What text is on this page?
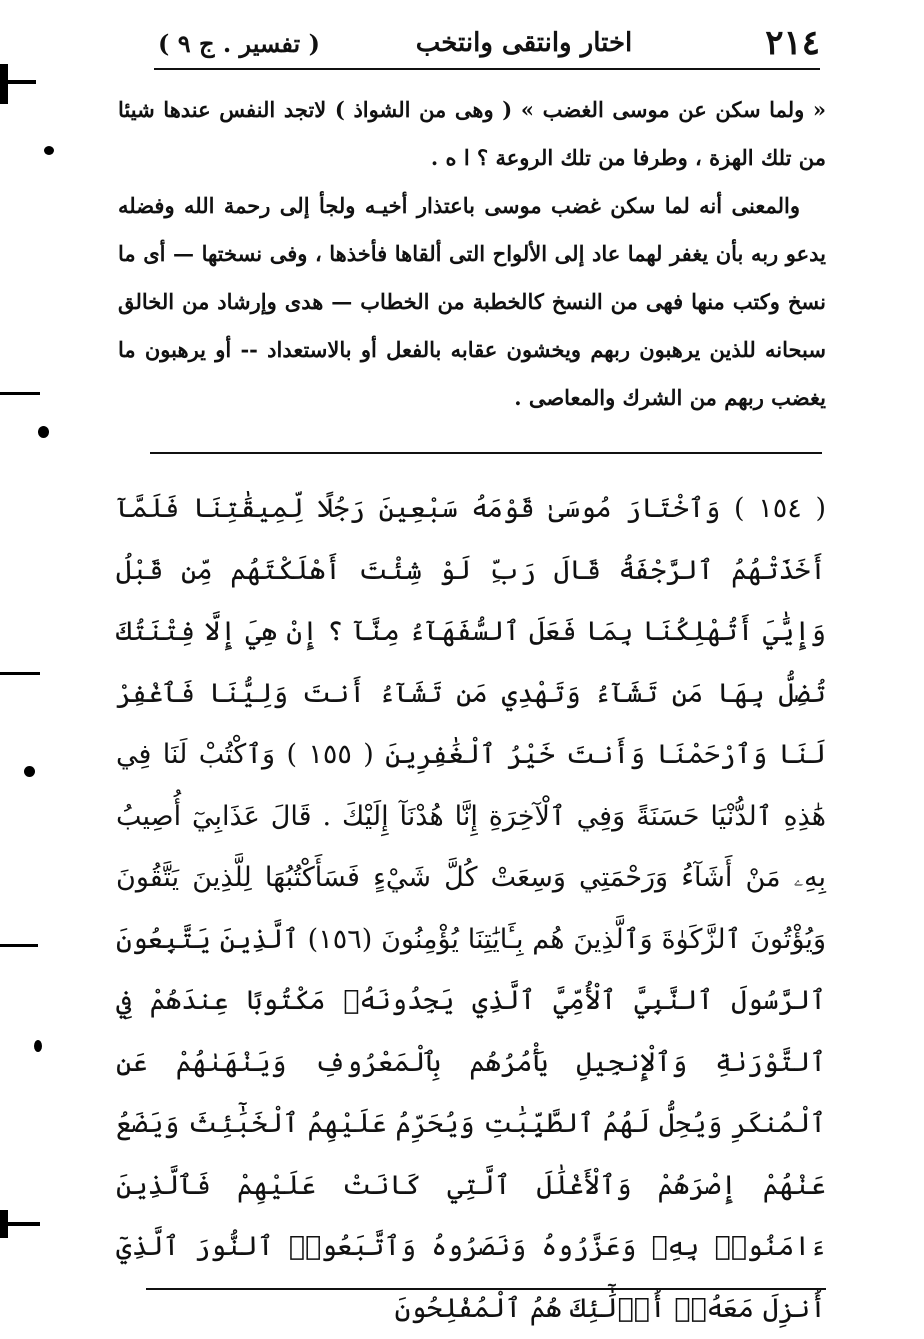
( تفسير . ج ٩ )	اختار وانتقى وانتخب	٢١٤

« ولما سكن عن موسى الغضب » ( وهى من الشواذ ) لاتجد النفس عندها شيئا من تلك الهزة ، وطرفا من تلك الروعة ؟ ا ه .

والمعنى أنه لما سكن غضب موسى باعتذار أخيـه ولجأ إلى رحمة الله وفضله يدعو ربه بأن يغفر لهما عاد إلى الألواح التى ألقاها فأخذها ، وفى نسختها — أى ما نسخ وكتب منها فهى من النسخ كالخطبة من الخطاب — هدى وإرشاد من الخالق سبحانه للذين يرهبون ربهم ويخشون عقابه بالفعل أو بالاستعداد -- أو يرهبون ما يغضب ربهم من الشرك والمعاصى .

( ١٥٤ ) وَٱخْتَارَ مُوسَىٰ قَوْمَهُ سَبْعِينَ رَجُلًا لِّمِيقَٰتِنَا فَلَمَّآ أَخَذَتْهُمُ ٱلرَّجْفَةُ قَالَ رَبِّ لَوْ شِئْتَ أَهْلَكْتَهُم مِّن قَبْلُ وَإِيَّٰيَ أَتُهْلِكُنَا بِمَا فَعَلَ ٱلسُّفَهَآءُ مِنَّآ ؟ إِنْ هِيَ إِلَّا فِتْنَتُكَ تُضِلُّ بِهَا مَن تَشَآءُ وَتَهْدِي مَن تَشَآءُ أَنتَ وَلِيُّنَا فَٱغْفِرْ لَنَا وَٱرْحَمْنَا وَأَنتَ خَيْرُ ٱلْغَٰفِرِينَ ( ١٥٥ ) وَٱكْتُبْ لَنَا فِي هَٰذِهِ ٱلدُّنْيَا حَسَنَةً وَفِي ٱلْآخِرَةِ إِنَّا هُدْنَآ إِلَيْكَ . قَالَ عَذَابِيٓ أُصِيبُ بِهِۦ مَنْ أَشَآءُ وَرَحْمَتِي وَسِعَتْ كُلَّ شَيْءٍ فَسَأَكْتُبُهَا لِلَّذِينَ يَتَّقُونَ وَيُؤْتُونَ ٱلزَّكَوٰةَ وَٱلَّذِينَ هُم بِـَٔايَٰتِنَا يُؤْمِنُونَ (١٥٦) ٱلَّذِينَ يَتَّبِعُونَ ٱلرَّسُولَ ٱلنَّبِيَّ ٱلْأُمِّيَّ ٱلَّذِي يَجِدُونَهُۥ مَكْتُوبًا عِندَهُمْ فِي ٱلتَّوْرَىٰةِ وَٱلْإِنجِيلِ يَأْمُرُهُم بِٱلْمَعْرُوفِ وَيَنْهَىٰهُمْ عَنِ ٱلْمُنكَرِ وَيُحِلُّ لَهُمُ ٱلطَّيِّبَٰتِ وَيُحَرِّمُ عَلَيْهِمُ ٱلْخَبَٰٓئِثَ وَيَضَعُ عَنْهُمْ إِصْرَهُمْ وَٱلْأَغْلَٰلَ ٱلَّتِي كَانَتْ عَلَيْهِمْ فَٱلَّذِينَ ءَامَنُوا۟ بِهِۦ وَعَزَّرُوهُ وَنَصَرُوهُ وَٱتَّبَعُوا۟ ٱلنُّورَ ٱلَّذِيٓ أُنزِلَ مَعَهُۥٓ أُو۟لَٰٓئِكَ هُمُ ٱلْمُفْلِحُونَ
